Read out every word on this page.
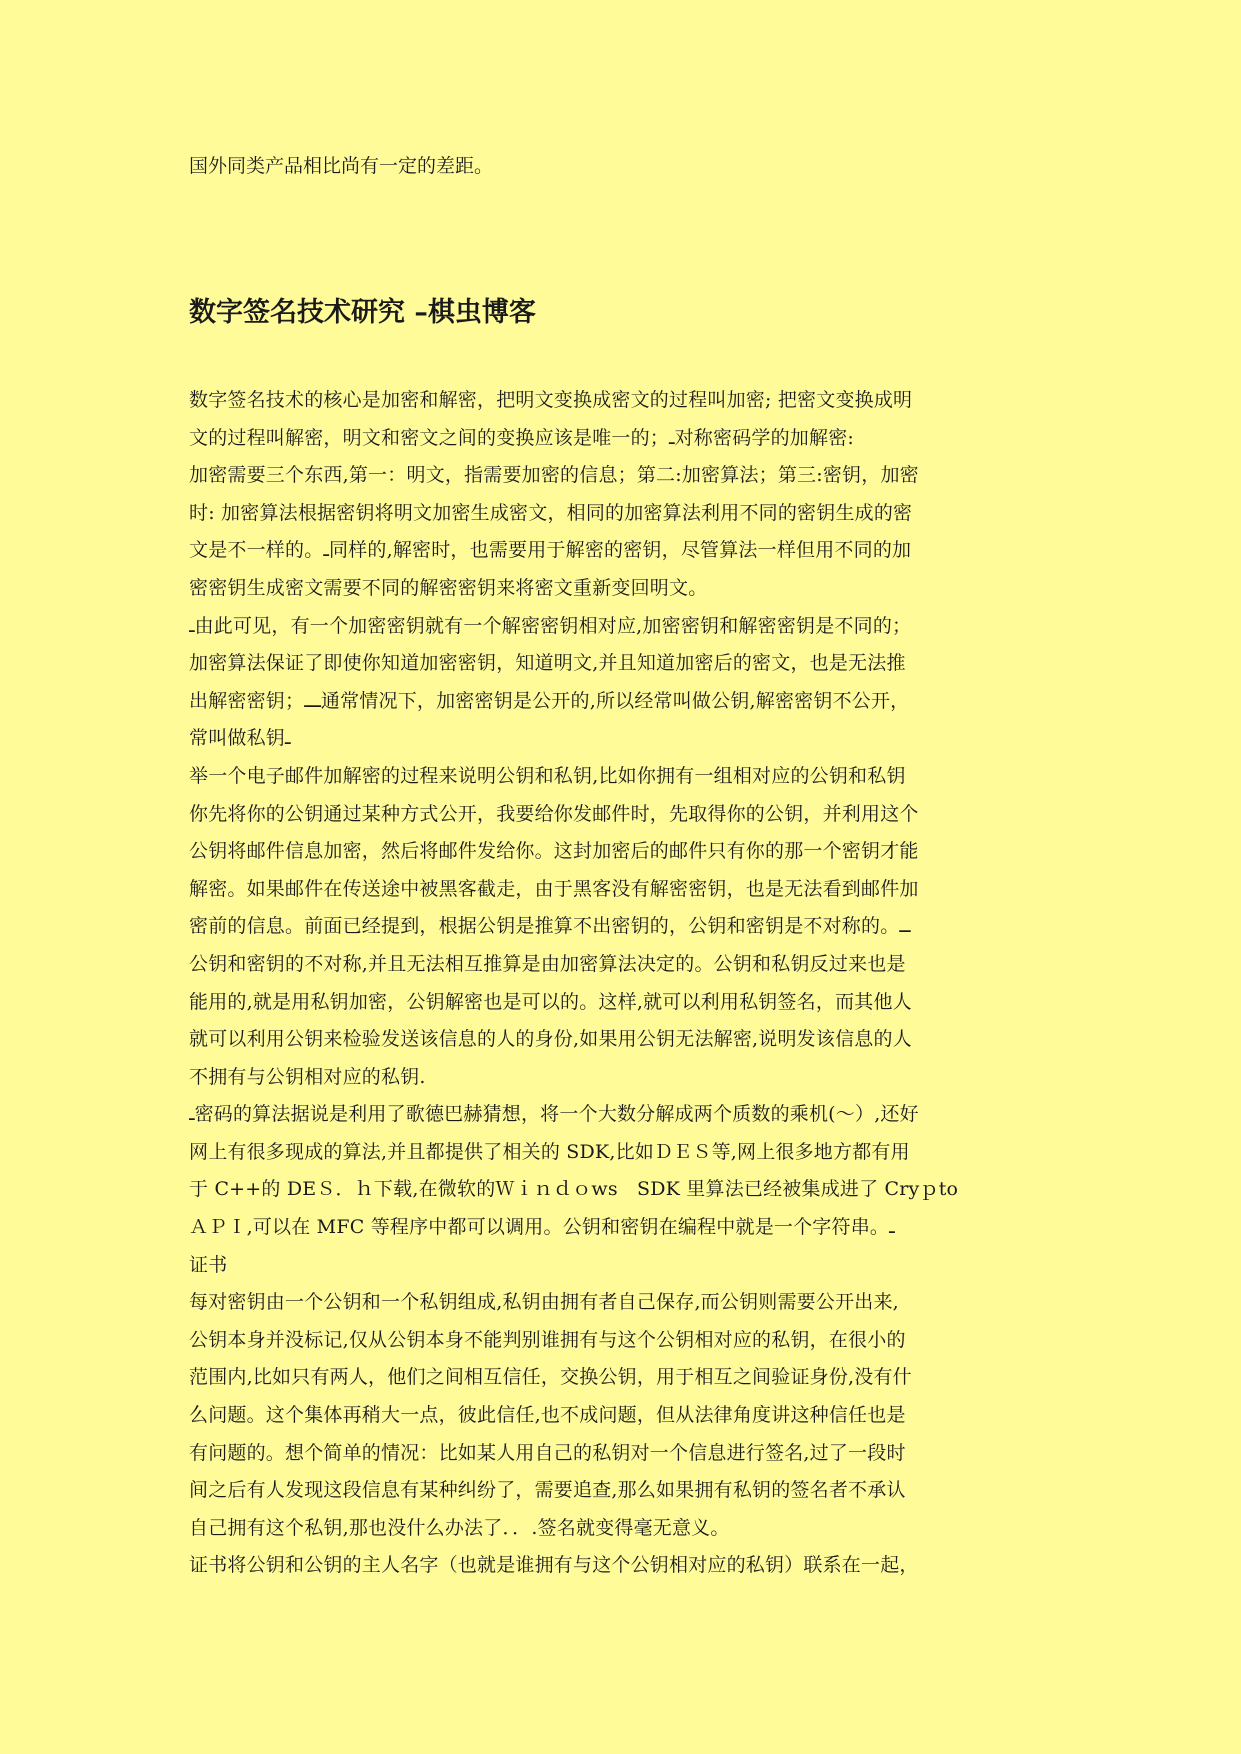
国外同类产品相比尚有一定的差距。

数字签名技术研究 –棋虫博客

数字签名技术的核心是加密和解密，把明文变换成密文的过程叫加密; 把密文变换成明

文的过程叫解密，明文和密文之间的变换应该是唯一的；ـ对称密码学的加解密:

加密需要三个东西,第一：明文，指需要加密的信息；第二:加密算法；第三:密钥，加密

时: 加密算法根据密钥将明文加密生成密文，相同的加密算法利用不同的密钥生成的密

文是不一样的。ـ同样的,解密时，也需要用于解密的密钥，尽管算法一样但用不同的加

密密钥生成密文需要不同的解密密钥来将密文重新变回明文。

ـ由此可见，有一个加密密钥就有一个解密密钥相对应,加密密钥和解密密钥是不同的；

加密算法保证了即使你知道加密密钥，知道明文,并且知道加密后的密文，也是无法推

出解密密钥；ـــ通常情况下，加密密钥是公开的,所以经常叫做公钥,解密密钥不公开，

常叫做私钥ـ

举一个电子邮件加解密的过程来说明公钥和私钥,比如你拥有一组相对应的公钥和私钥

你先将你的公钥通过某种方式公开，我要给你发邮件时，先取得你的公钥，并利用这个

公钥将邮件信息加密，然后将邮件发给你。这封加密后的邮件只有你的那一个密钥才能

解密。如果邮件在传送途中被黑客截走，由于黑客没有解密密钥，也是无法看到邮件加

密前的信息。前面已经提到，根据公钥是推算不出密钥的，公钥和密钥是不对称的。ــ

公钥和密钥的不对称,并且无法相互推算是由加密算法决定的。公钥和私钥反过来也是

能用的,就是用私钥加密，公钥解密也是可以的。这样,就可以利用私钥签名，而其他人

就可以利用公钥来检验发送该信息的人的身份,如果用公钥无法解密,说明发该信息的人

不拥有与公钥相对应的私钥.

ـ密码的算法据说是利用了歌德巴赫猜想，将一个大数分解成两个质数的乘机(～）,还好

网上有很多现成的算法,并且都提供了相关的 SDK,比如ＤＥＳ等,网上很多地方都有用

于 C++的 DEＳ．ｈ下载,在微软的Ｗｉｎｄｏws　SDK 里算法已经被集成进了 Cryｐto

ＡＰＩ,可以在 MFC 等程序中都可以调用。公钥和密钥在编程中就是一个字符串。ـ

证书

每对密钥由一个公钥和一个私钥组成,私钥由拥有者自己保存,而公钥则需要公开出来,

公钥本身并没标记,仅从公钥本身不能判别谁拥有与这个公钥相对应的私钥，在很小的

范围内,比如只有两人，他们之间相互信任，交换公钥，用于相互之间验证身份,没有什

么问题。这个集体再稍大一点，彼此信任,也不成问题，但从法律角度讲这种信任也是

有问题的。想个简单的情况：比如某人用自己的私钥对一个信息进行签名,过了一段时

间之后有人发现这段信息有某种纠纷了，需要追查,那么如果拥有私钥的签名者不承认

自己拥有这个私钥,那也没什么办法了．．.签名就变得毫无意义。

证书将公钥和公钥的主人名字（也就是谁拥有与这个公钥相对应的私钥）联系在一起，
